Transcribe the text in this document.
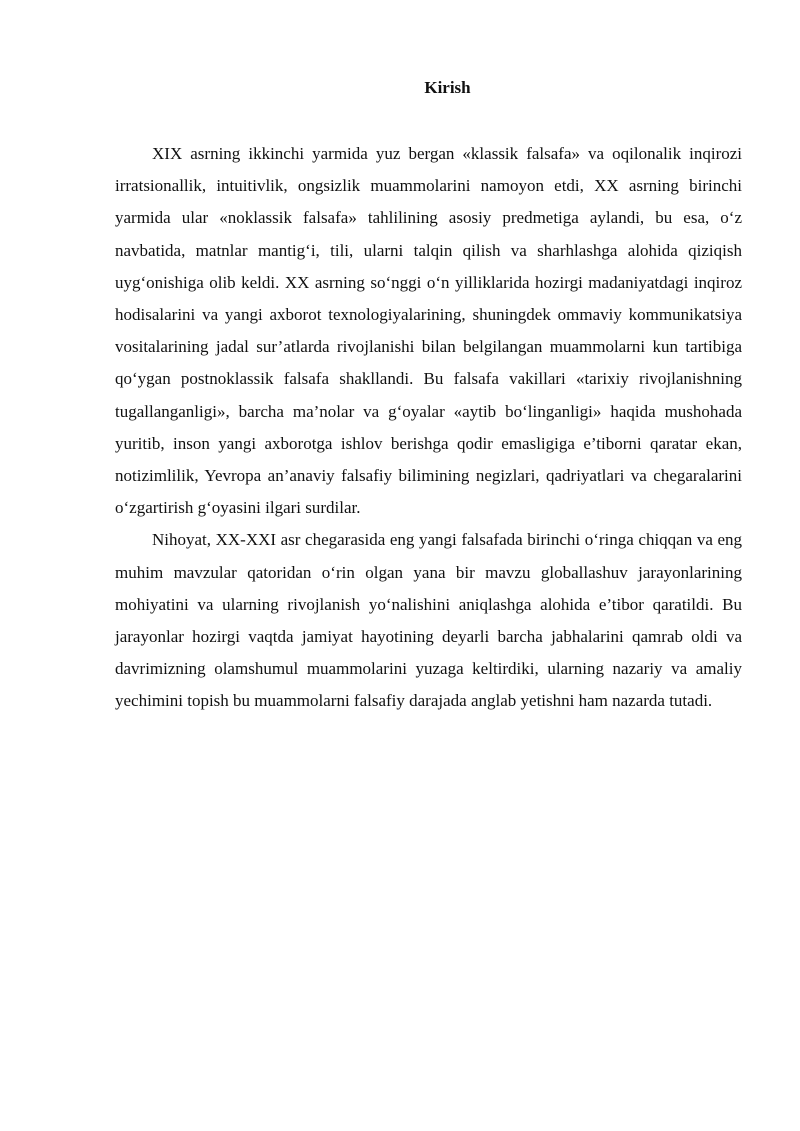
Kirish

XIX asrning ikkinchi yarmida yuz bergan «klassik falsafa» va oqilonalik inqirozi irratsionallik, intuitivlik, ongsizlik muammolarini namoyon etdi, XX asrning birinchi yarmida ular «noklassik falsafa» tahlilining asosiy predmetiga aylandi, bu esa, o‘z navbatida, matnlar mantig‘i, tili, ularni talqin qilish va sharhlashga alohida qiziqish uyg‘onishiga olib keldi. XX asrning so‘nggi o‘n yilliklarida hozirgi madaniyatdagi inqiroz hodisalarini va yangi axborot texnologiyalarining, shuningdek ommaviy kommunikatsiya vositalarining jadal sur’atlarda rivojlanishi bilan belgilangan muammolarni kun tartibiga qo‘ygan postnoklassik falsafa shakllandi. Bu falsafa vakillari «tarixiy rivojlanishning tugallanganligi», barcha ma’nolar va g‘oyalar «aytib bo‘linganligi» haqida mushohada yuritib, inson yangi axborotga ishlov berishga qodir emasligiga e’tiborni qaratar ekan, notizimlilik, Yevropa an’anaviy falsafiy bilimining negizlari, qadriyatlari va chegaralarini o‘zgartirish g‘oyasini ilgari surdilar.

Nihoyat, XX-XXI asr chegarasida eng yangi falsafada birinchi o‘ringa chiqqan va eng muhim mavzular qatoridan o‘rin olgan yana bir mavzu globallashuv jarayonlarining mohiyatini va ularning rivojlanish yo‘nalishini aniqlashga alohida e’tibor qaratildi. Bu jarayonlar hozirgi vaqtda jamiyat hayotining deyarli barcha jabhalarini qamrab oldi va davrimizning olamshumul muammolarini yuzaga keltirdiki, ularning nazariy va amaliy yechimini topish bu muammolarni falsafiy darajada anglab yetishni ham nazarda tutadi.
